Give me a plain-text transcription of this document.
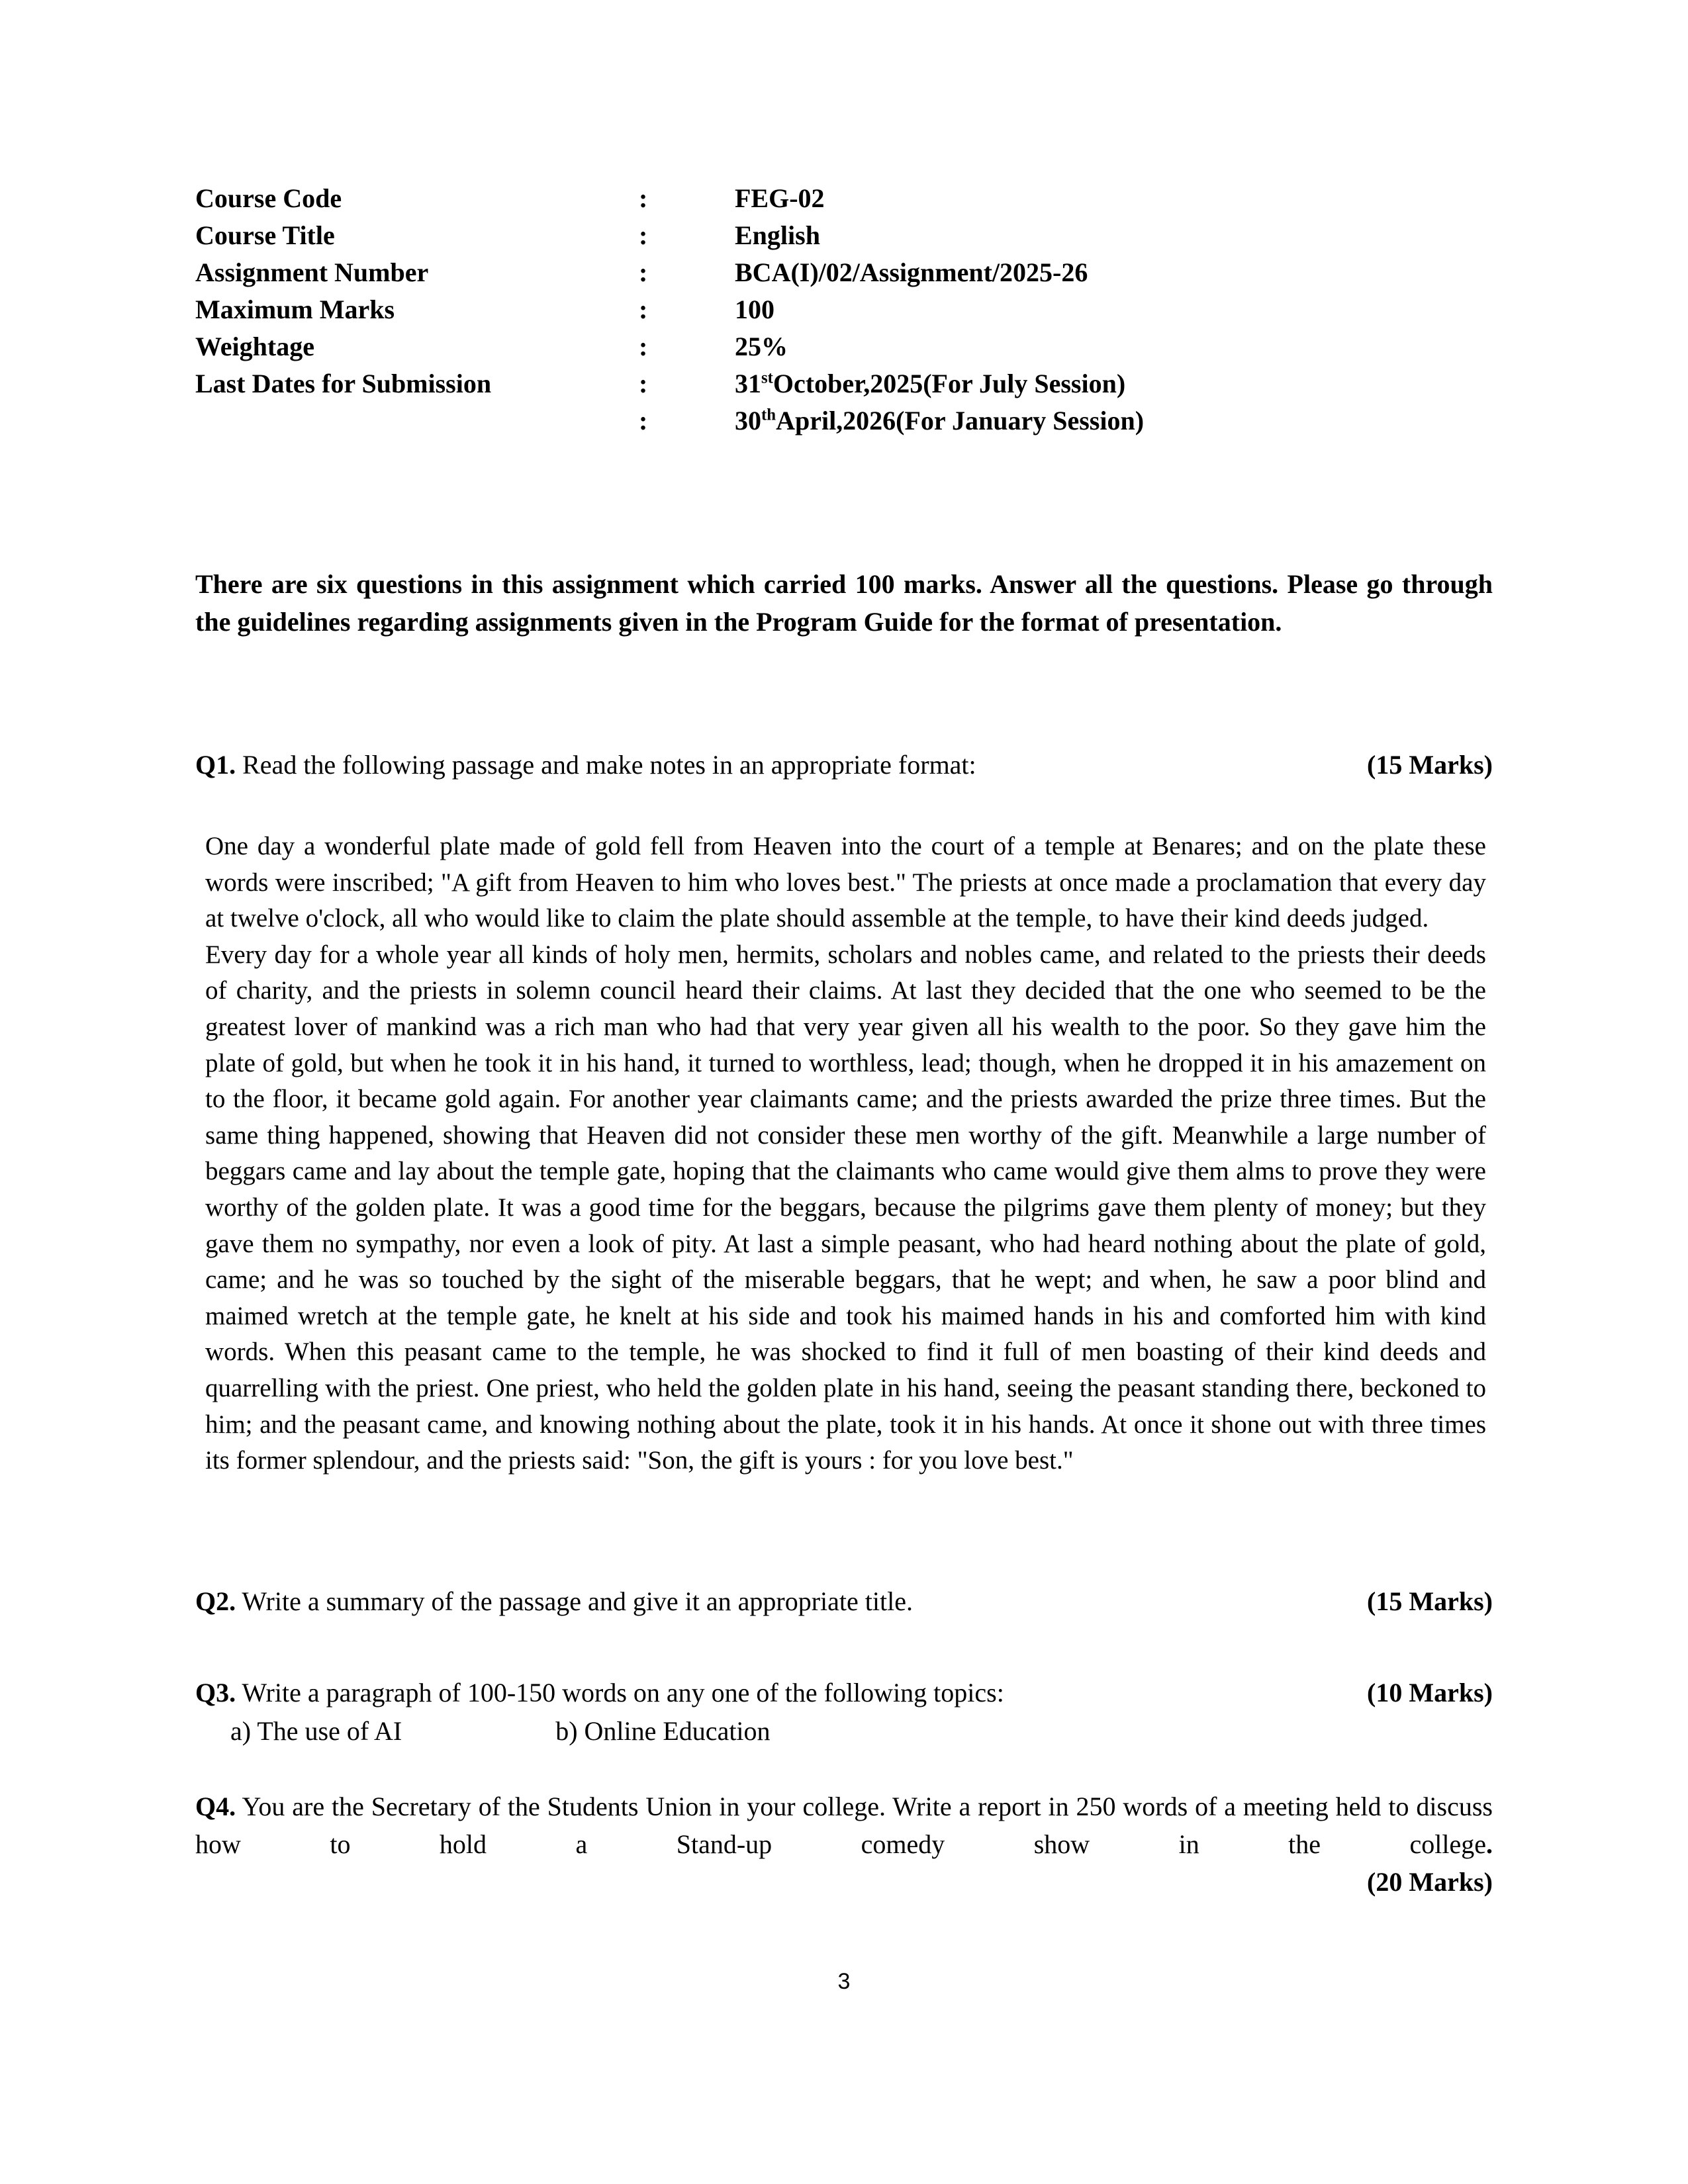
Course Code	:	FEG-02
Course Title	:	English
Assignment Number	:	BCA(I)/02/Assignment/2025-26
Maximum Marks	:	100
Weightage	:	25%
Last Dates for Submission	:	31stOctober,2025(For July Session)
	:	30thApril,2026(For January Session)
There are six questions in this assignment which carried 100 marks. Answer all the questions. Please go through the guidelines regarding assignments given in the Program Guide for the format of presentation.
Q1. Read the following passage and make notes in an appropriate format:	(15 Marks)

One day a wonderful plate made of gold fell from Heaven into the court of a temple at Benares; and on the plate these words were inscribed; "A gift from Heaven to him who loves best." The priests at once made a proclamation that every day at twelve o'clock, all who would like to claim the plate should assemble at the temple, to have their kind deeds judged.

Every day for a whole year all kinds of holy men, hermits, scholars and nobles came, and related to the priests their deeds of charity, and the priests in solemn council heard their claims. At last they decided that the one who seemed to be the greatest lover of mankind was a rich man who had that very year given all his wealth to the poor. So they gave him the plate of gold, but when he took it in his hand, it turned to worthless, lead; though, when he dropped it in his amazement on to the floor, it became gold again. For another year claimants came; and the priests awarded the prize three times. But the same thing happened, showing that Heaven did not consider these men worthy of the gift. Meanwhile a large number of beggars came and lay about the temple gate, hoping that the claimants who came would give them alms to prove they were worthy of the golden plate. It was a good time for the beggars, because the pilgrims gave them plenty of money; but they gave them no sympathy, nor even a look of pity. At last a simple peasant, who had heard nothing about the plate of gold, came; and he was so touched by the sight of the miserable beggars, that he wept; and when, he saw a poor blind and maimed wretch at the temple gate, he knelt at his side and took his maimed hands in his and comforted him with kind words. When this peasant came to the temple, he was shocked to find it full of men boasting of their kind deeds and quarrelling with the priest. One priest, who held the golden plate in his hand, seeing the peasant standing there, beckoned to him; and the peasant came, and knowing nothing about the plate, took it in his hands. At once it shone out with three times its former splendour, and the priests said: "Son, the gift is yours : for you love best."

Q2. Write a summary of the passage and give it an appropriate title.	(15 Marks)
Q3. Write a paragraph of 100-150 words on any one of the following topics:	(10 Marks)
a) The use of AI	b) Online Education
Q4. You are the Secretary of the Students Union in your college. Write a report in 250 words of a meeting held to discuss how to hold a Stand-up comedy show in the college. (20 Marks)
3
